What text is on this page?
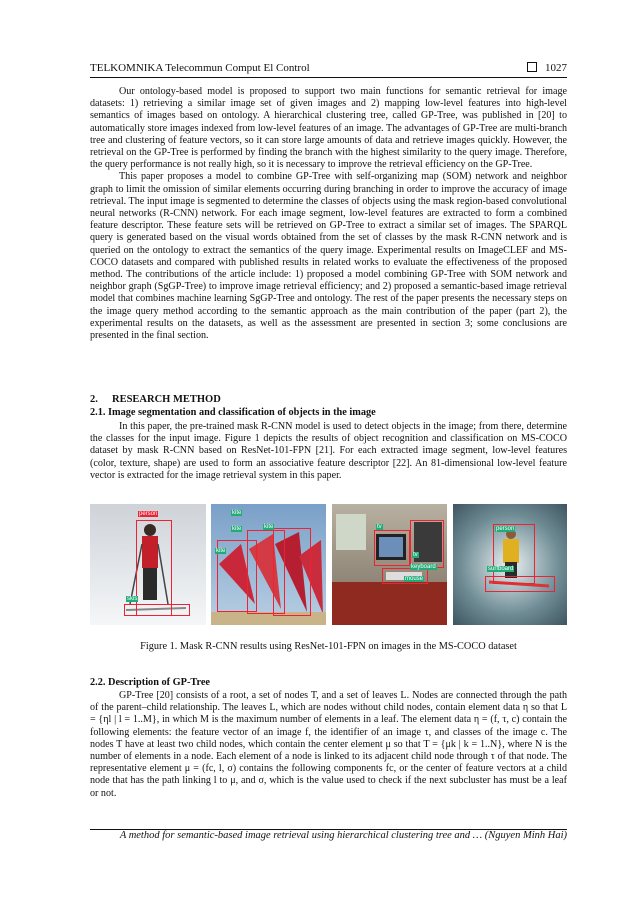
TELKOMNIKA Telecommun Comput El Control	1027

Our ontology-based model is proposed to support two main functions for semantic retrieval for image datasets: 1) retrieving a similar image set of given images and 2) mapping low-level features into high-level semantics of images based on ontology. A hierarchical clustering tree, called GP-Tree, was published in [20] to automatically store images indexed from low-level features of an image. The advantages of GP-Tree are multi-branch tree and clustering of feature vectors, so it can store large amounts of data and retrieve images quickly. However, the retrieval on the GP-Tree is performed by finding the branch with the highest similarity to the query image. Therefore, the query performance is not really high, so it is necessary to improve the retrieval efficiency on the GP-Tree.

This paper proposes a model to combine GP-Tree with self-organizing map (SOM) network and neighbor graph to limit the omission of similar elements occurring during branching in order to improve the accuracy of image retrieval. The input image is segmented to determine the classes of objects using the mask region-based convolutional neural networks (R-CNN) network. For each image segment, low-level features are extracted to form a combined feature descriptor. These feature sets will be retrieved on GP-Tree to extract a similar set of images. The SPARQL query is generated based on the visual words obtained from the set of classes by the mask R-CNN network and is queried on the ontology to extract the semantics of the query image. Experimental results on ImageCLEF and MS-COCO datasets and compared with published results in related works to evaluate the effectiveness of the proposed method. The contributions of the article include: 1) proposed a model combining GP-Tree with SOM network and neighbor graph (SgGP-Tree) to improve image retrieval efficiency; and 2) proposed a semantic-based image retrieval model that combines machine learning SgGP-Tree and ontology. The rest of the paper presents the necessary steps on the image query method according to the semantic approach as the main contribution of the paper (part 2), the experimental results on the datasets, as well as the assessment are presented in section 3; some conclusions are presented in the final section.

2. RESEARCH METHOD
2.1. Image segmentation and classification of objects in the image

In this paper, the pre-trained mask R-CNN model is used to detect objects in the image; from there, determine the classes for the input image. Figure 1 depicts the results of object recognition and classification on MS-COCO dataset by mask R-CNN based on ResNet-101-FPN [21]. For each extracted image segment, low-level features (color, texture, shape) are used to form an associative feature descriptor [22]. An 81-dimensional low-level feature vector is extracted for the image retrieval system in this paper.

person
skis
kite
kite
kite
kite	tv
tv
keyboard
mouse
person
surfboard
Figure 1. Mask R-CNN results using ResNet-101-FPN on images in the MS-COCO dataset
2.2. Description of GP-Tree

GP-Tree [20] consists of a root, a set of nodes T, and a set of leaves L. Nodes are connected through the path of the parent–child relationship. The leaves L, which are nodes without child nodes, contain element data η so that L = {ηl | l = 1..M}, in which M is the maximum number of elements in a leaf. The element data η = (f, τ, c) contain the following elements: the feature vector of an image f, the identifier of an image τ, and classes of the image c. The nodes T have at least two child nodes, which contain the center element μ so that T = {μk | k = 1..N}, where N is the number of elements in a node. Each element of a node is linked to its adjacent child node through τ of that node. The representative element μ = (fc, l, σ) contains the following components fc, or the center of feature vectors at a child node that has the path linking l to μ, and σ, which is the value used to check if the next subcluster has must be a leaf or not.

A method for semantic-based image retrieval using hierarchical clustering tree and … (Nguyen Minh Hai)
